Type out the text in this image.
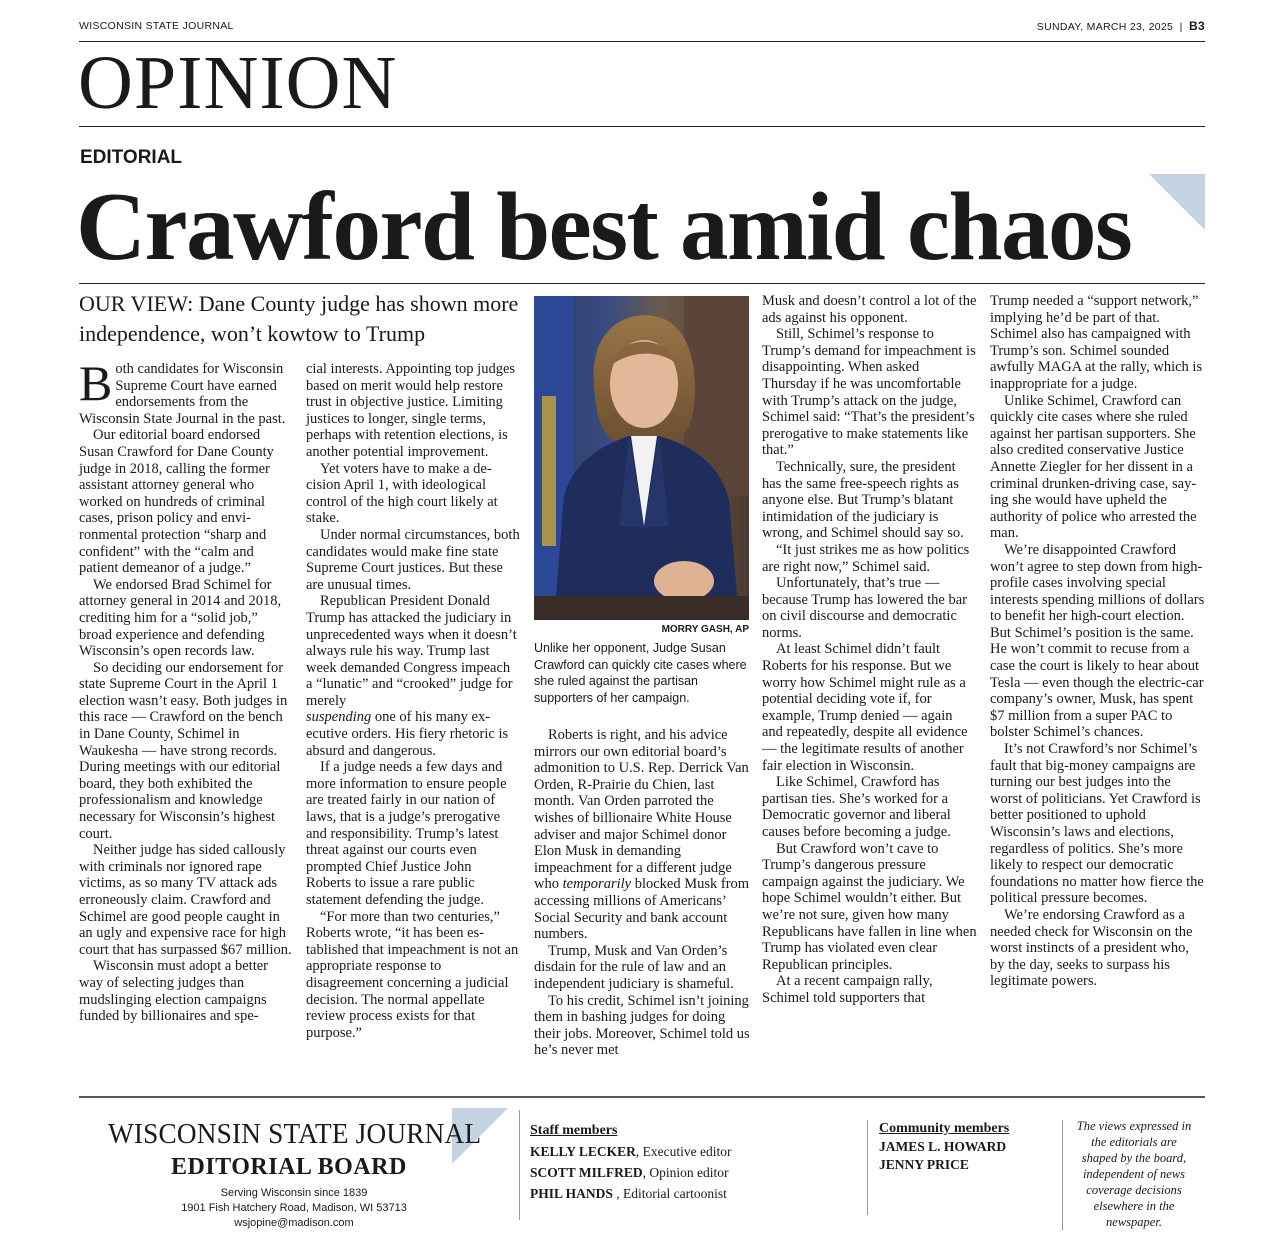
WISCONSIN STATE JOURNAL	SUNDAY, MARCH 23, 2025  |  B3
OPINION
EDITORIAL
Crawford best amid chaos
OUR VIEW: Dane County judge has shown more independence, won’t kowtow to Trump

Both candidates for Wisconsin Supreme Court have earned endorsements from the Wisconsin State Journal in the past.

Our editorial board endorsed Susan Crawford for Dane County judge in 2018, calling the former assistant attorney general who worked on hundreds of criminal cases, prison policy and environmental protection “sharp and confident” with the “calm and patient demeanor of a judge.”

We endorsed Brad Schimel for attorney general in 2014 and 2018, crediting him for a “solid job,” broad experience and defending Wisconsin’s open records law.

So deciding our endorsement for state Supreme Court in the April 1 election wasn’t easy. Both judges in this race — Crawford on the bench in Dane County, Schimel in Waukesha — have strong records. During meetings with our editorial board, they both exhibited the professionalism and knowledge necessary for Wisconsin’s highest court.

Neither judge has sided callously with criminals nor ignored rape victims, as so many TV attack ads erroneously claim. Crawford and Schimel are good people caught in an ugly and expensive race for high court that has surpassed $67 million.

Wisconsin must adopt a better way of selecting judges than mudslinging election campaigns funded by billionaires and spe-

cial interests. Appointing top judges based on merit would help restore trust in objective justice. Limiting justices to longer, single terms, perhaps with retention elections, is another potential improvement.

Yet voters have to make a decision April 1, with ideological control of the high court likely at stake.

Under normal circumstances, both candidates would make fine state Supreme Court justices. But these are unusual times.

Republican President Donald Trump has attacked the judiciary in unprecedented ways when it doesn’t always rule his way. Trump last week demanded Congress impeach a “lunatic” and “crooked” judge for merely

suspending one of his many executive orders. His fiery rhetoric is absurd and dangerous.

If a judge needs a few days and more information to ensure people are treated fairly in our nation of laws, that is a judge’s prerogative and responsibility. Trump’s latest threat against our courts even prompted Chief Justice John Roberts to issue a rare public statement defending the judge.

“For more than two centuries,” Roberts wrote, “it has been established that impeachment is not an appropriate response to disagreement concerning a judicial decision. The normal appellate review process exists for that purpose.”

MORRY GASH, AP
Unlike her opponent, Judge Susan Crawford can quickly cite cases where she ruled against the partisan supporters of her campaign.

Roberts is right, and his advice mirrors our own editorial board’s admonition to U.S. Rep. Derrick Van Orden, R-Prairie du Chien, last month. Van Orden parroted the wishes of billionaire White House adviser and major Schimel donor Elon Musk in demanding impeachment for a different judge who temporarily blocked Musk from accessing millions of Americans’ Social Security and bank account numbers.

Trump, Musk and Van Orden’s disdain for the rule of law and an independent judiciary is shameful.

To his credit, Schimel isn’t joining them in bashing judges for doing their jobs. Moreover, Schimel told us he’s never met

Musk and doesn’t control a lot of the ads against his opponent.

Still, Schimel’s response to Trump’s demand for impeachment is disappointing. When asked Thursday if he was uncomfortable with Trump’s attack on the judge, Schimel said: “That’s the president’s prerogative to make statements like that.”

Technically, sure, the president has the same free-speech rights as anyone else. But Trump’s blatant intimidation of the judiciary is wrong, and Schimel should say so.

“It just strikes me as how politics are right now,” Schimel said.

Unfortunately, that’s true — because Trump has lowered the bar on civil discourse and democratic norms.

At least Schimel didn’t fault Roberts for his response. But we worry how Schimel might rule as a potential deciding vote if, for example, Trump denied — again and repeatedly, despite all evidence — the legitimate results of another fair election in Wisconsin.

Like Schimel, Crawford has partisan ties. She’s worked for a Democratic governor and liberal causes before becoming a judge.

But Crawford won’t cave to Trump’s dangerous pressure campaign against the judiciary. We hope Schimel wouldn’t either. But we’re not sure, given how many Republicans have fallen in line when Trump has violated even clear Republican principles.

At a recent campaign rally, Schimel told supporters that

Trump needed a “support network,” implying he’d be part of that. Schimel also has campaigned with Trump’s son. Schimel sounded awfully MAGA at the rally, which is inappropriate for a judge.

Unlike Schimel, Crawford can quickly cite cases where she ruled against her partisan supporters. She also credited conservative Justice Annette Ziegler for her dissent in a criminal drunken-driving case, saying she would have upheld the authority of police who arrested the man.

We’re disappointed Crawford won’t agree to step down from high-profile cases involving special interests spending millions of dollars to benefit her high-court election. But Schimel’s position is the same. He won’t commit to recuse from a case the court is likely to hear about Tesla — even though the electric-car company’s owner, Musk, has spent $7 million from a super PAC to bolster Schimel’s chances.

It’s not Crawford’s nor Schimel’s fault that big-money campaigns are turning our best judges into the worst of politicians. Yet Crawford is better positioned to uphold Wisconsin’s laws and elections, regardless of politics. She’s more likely to respect our democratic foundations no matter how fierce the political pressure becomes.

We’re endorsing Crawford as a needed check for Wisconsin on the worst instincts of a president who, by the day, seeks to surpass his legitimate powers.

WISCONSIN STATE JOURNAL
EDITORIAL BOARD
Serving Wisconsin since 1839
1901 Fish Hatchery Road, Madison, WI 53713
wsjopine@madison.com
Staff members
KELLY LECKER, Executive editor
SCOTT MILFRED, Opinion editor
PHIL HANDS , Editorial cartoonist
Community members
JAMES L. HOWARD
JENNY PRICE
The views expressed in the editorials are shaped by the board, independent of news coverage decisions elsewhere in the newspaper.
